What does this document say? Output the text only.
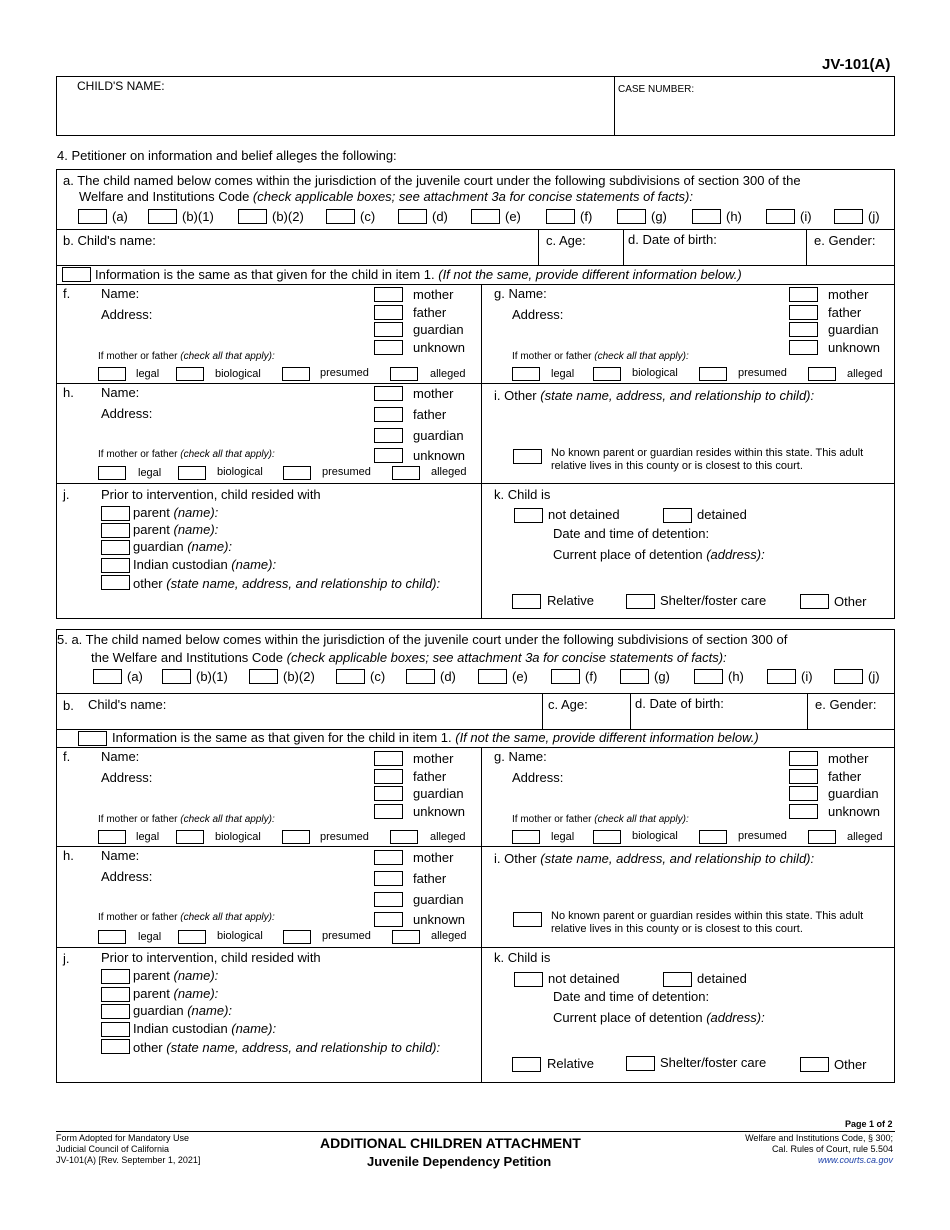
JV-101(A)
CHILD'S NAME:	CASE NUMBER:
4. Petitioner on information and belief alleges the following:
a. The child named below comes within the jurisdiction of the juvenile court under the following subdivisions of section 300 of the
Welfare and Institutions Code (check applicable boxes; see attachment 3a for concise statements of facts):
(a)	(b)(1)	(b)(2)	(c)	(d)	(e)	(f)	(g)	(h)	(i)	(j)
b. Child's name:	c. Age:	d. Date of birth:	e. Gender:
Information is the same as that given for the child in item 1. (If not the same, provide different information below.)
f. Name:
Address:
mother
father
guardian
unknown
If mother or father (check all that apply):
legal	biological	presumed	alleged
g. Name:
Address:
mother
father
guardian
unknown
If mother or father (check all that apply):
legal	biological	presumed	alleged
h. Name:
Address:
mother
father
guardian
unknown
If mother or father (check all that apply):
legal	biological	presumed	alleged
i. Other (state name, address, and relationship to child):
No known parent or guardian resides within this state. This adult
relative lives in this county or is closest to this court.
j. Prior to intervention, child resided with
parent (name):
parent (name):
guardian (name):
Indian custodian (name):
other (state name, address, and relationship to child):
k. Child is
not detained	detained
Date and time of detention:
Current place of detention (address):
Relative	Shelter/foster care	Other
5. a. The child named below comes within the jurisdiction of the juvenile court under the following subdivisions of section 300 of
the Welfare and Institutions Code (check applicable boxes; see attachment 3a for concise statements of facts):
(a)	(b)(1)	(b)(2)	(c)	(d)	(e)	(f)	(g)	(h)	(i)	(j)
b. Child's name:	c. Age:	d. Date of birth:	e. Gender:
Information is the same as that given for the child in item 1. (If not the same, provide different information below.)
f. Name:
Address:
mother
father
guardian
unknown
If mother or father (check all that apply):
legal	biological	presumed	alleged
g. Name:
Address:
mother
father
guardian
unknown
If mother or father (check all that apply):
legal	biological	presumed	alleged
h. Name:
Address:
mother
father
guardian
unknown
If mother or father (check all that apply):
legal	biological	presumed	alleged
i. Other (state name, address, and relationship to child):
No known parent or guardian resides within this state. This adult
relative lives in this county or is closest to this court.
j. Prior to intervention, child resided with
parent (name):
parent (name):
guardian (name):
Indian custodian (name):
other (state name, address, and relationship to child):
k. Child is
not detained	detained
Date and time of detention:
Current place of detention (address):
Relative	Shelter/foster care	Other
Page 1 of 2
Form Adopted for Mandatory Use
Judicial Council of California
JV-101(A) [Rev. September 1, 2021]
ADDITIONAL CHILDREN ATTACHMENT
Juvenile Dependency Petition
Welfare and Institutions Code, § 300;
Cal. Rules of Court, rule 5.504
www.courts.ca.gov
